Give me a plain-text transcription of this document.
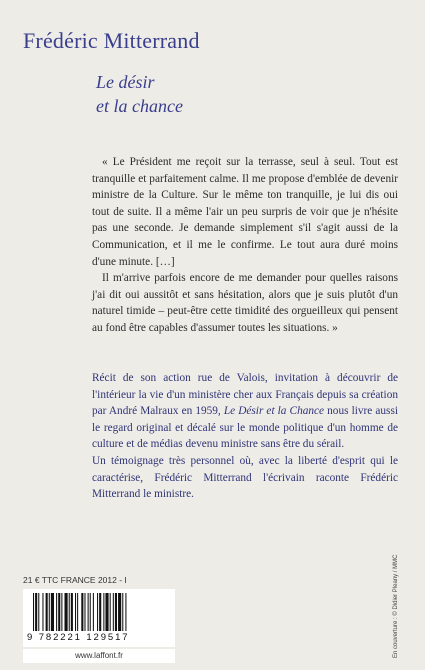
Frédéric Mitterrand
Le désir
et la chance

« Le Président me reçoit sur la terrasse, seul à seul. Tout est tranquille et parfaitement calme. Il me propose d'emblée de devenir ministre de la Culture. Sur le même ton tranquille, je lui dis oui tout de suite. Il a même l'air un peu surpris de voir que je n'hésite pas une seconde. Je demande simplement s'il s'agit aussi de la Communication, et il me le confirme. Le tout aura duré moins d'une minute. […]

Il m'arrive parfois encore de me demander pour quelles raisons j'ai dit oui aussitôt et sans hésitation, alors que je suis plutôt d'un naturel timide – peut-être cette timidité des orgueilleux qui pensent au fond être capables d'assumer toutes les situations. »

Récit de son action rue de Valois, invitation à découvrir de l'intérieur la vie d'un ministère cher aux Français depuis sa création par André Malraux en 1959, Le Désir et la Chance nous livre aussi le regard original et décalé sur le monde politique d'un homme de culture et de médias devenu ministre sans être du sérail.

Un témoignage très personnel où, avec la liberté d'esprit qui le caractérise, Frédéric Mitterrand l'écrivain raconte Frédéric Mitterrand le ministre.

21 € TTC FRANCE 2012 - I
9 782221 129517
www.laffont.fr	En couverture : © Didier Pleany / MMC
